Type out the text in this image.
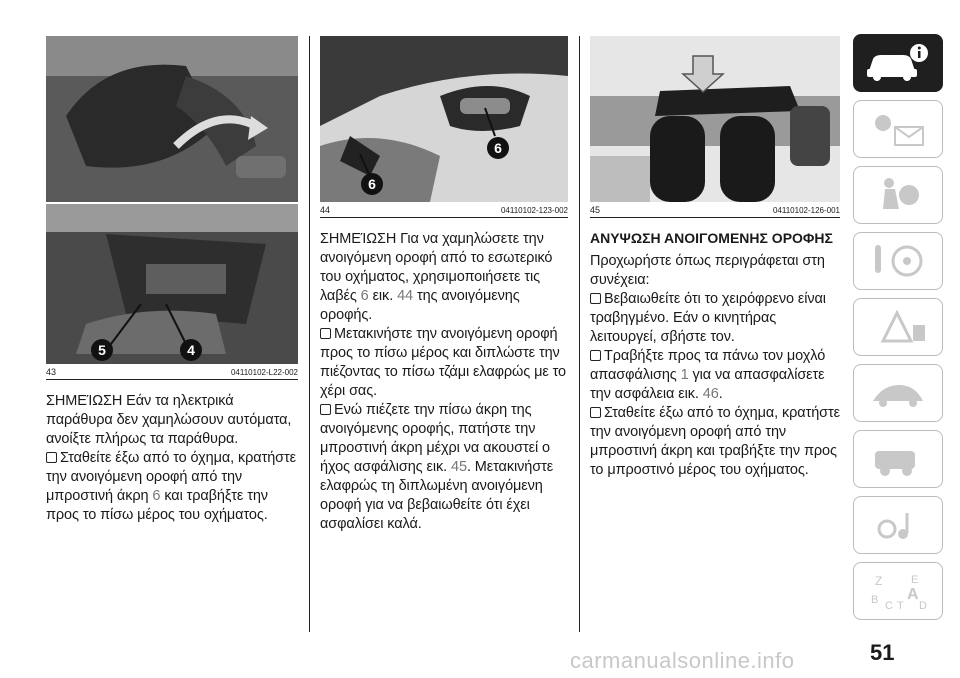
5	4
43	04110102-L22-002

ΣΗΜΕΊΩΣΗ Εάν τα ηλεκτρικά παράθυρα δεν χαμηλώσουν αυτόματα, ανοίξτε πλήρως τα παράθυρα.

Σταθείτε έξω από το όχημα, κρατήστε την ανοιγόμενη οροφή από την μπροστινή άκρη 6 και τραβήξτε την προς το πίσω μέρος του οχήματος.

6
6
44	04110102-123-002

ΣΗΜΕΊΩΣΗ Για να χαμηλώσετε την ανοιγόμενη οροφή από το εσωτερικό του οχήματος, χρησιμοποιήσετε τις λαβές 6 εικ. 44 της ανοιγόμενης οροφής.

Μετακινήστε την ανοιγόμενη οροφή προς το πίσω μέρος και διπλώστε την πιέζοντας το πίσω τζάμι ελαφρώς με το χέρι σας.

Ενώ πιέζετε την πίσω άκρη της ανοιγόμενης οροφής, πατήστε την μπροστινή άκρη μέχρι να ακουστεί ο ήχος ασφάλισης εικ. 45. Μετακινήστε ελαφρώς τη διπλωμένη ανοιγόμενη οροφή για να βεβαιωθείτε ότι έχει ασφαλίσει καλά.

45	04110102-126-001
ΑΝΥΨΩΣΗ ΑΝΟΙΓΟΜΕΝΗΣ ΟΡΟΦΗΣ

Προχωρήστε όπως περιγράφεται στη συνέχεια:

Βεβαιωθείτε ότι το χειρόφρενο είναι τραβηγμένο. Εάν ο κινητήρας λειτουργεί, σβήστε τον.

Τραβήξτε προς τα πάνω τον μοχλό απασφάλισης 1 για να απασφαλίσετε την ασφάλεια εικ. 46.

Σταθείτε έξω από το όχημα, κρατήστε την ανοιγόμενη οροφή από την μπροστινή άκρη και τραβήξτε την προς το μπροστινό μέρος του οχήματος.

Z	E
B A
C T D
carmanualsonline.info	51
